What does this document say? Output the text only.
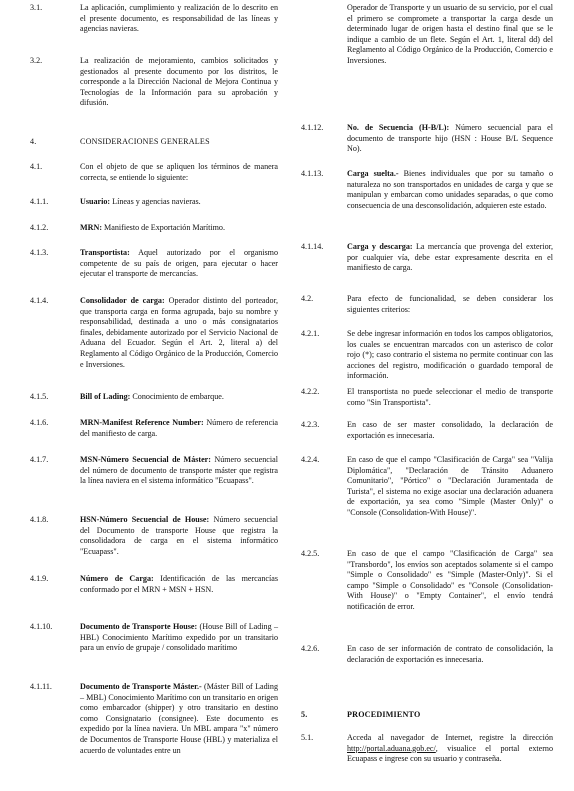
3.1.	La aplicación, cumplimiento y realización de lo descrito en el presente documento, es responsabilidad de las líneas y agencias navieras.
3.2.	La realización de mejoramiento, cambios solicitados y gestionados al presente documento por los distritos, le corresponde a la Dirección Nacional de Mejora Continua y Tecnologías de la Información para su aprobación y difusión.
4.	CONSIDERACIONES GENERALES
4.1.	Con el objeto de que se apliquen los términos de manera correcta, se entiende lo siguiente:
4.1.1.	Usuario: Líneas y agencias navieras.
4.1.2.	MRN: Manifiesto de Exportación Marítimo.
4.1.3.	Transportista: Aquel autorizado por el organismo competente de su país de origen, para ejecutar o hacer ejecutar el transporte de mercancías.
4.1.4.	Consolidador de carga: Operador distinto del porteador, que transporta carga en forma agrupada, bajo su nombre y responsabilidad, destinada a uno o más consignatarios finales, debidamente autorizado por el Servicio Nacional de Aduana del Ecuador. Según el Art. 2, literal a) del Reglamento al Código Orgánico de la Producción, Comercio e Inversiones.
4.1.5.	Bill of Lading: Conocimiento de embarque.
4.1.6.	MRN-Manifest Reference Number: Número de referencia del manifiesto de carga.
4.1.7.	MSN-Número Secuencial de Máster: Número secuencial del número de documento de transporte máster que registra la línea naviera en el sistema informático "Ecuapass".
4.1.8.	HSN-Número Secuencial de House: Número secuencial del Documento de transporte House que registra la consolidadora de carga en el sistema informático "Ecuapass".
4.1.9.	Número de Carga: Identificación de las mercancías conformado por el MRN + MSN + HSN.
4.1.10.	Documento de Transporte House: (House Bill of Lading – HBL) Conocimiento Marítimo expedido por un transitario para un envío de grupaje / consolidado marítimo
4.1.11.	Documento de Transporte Máster.- (Máster Bill of Lading – MBL) Conocimiento Marítimo con un transitario en origen como embarcador (shipper) y otro transitario en destino como Consignatario (consignee). Este documento es expedido por la línea naviera. Un MBL ampara "x" número de Documentos de Transporte House (HBL) y materializa el acuerdo de voluntades entre un
Operador de Transporte y un usuario de su servicio, por el cual el primero se compromete a transportar la carga desde un determinado lugar de origen hasta el destino final que se le indique a cambio de un flete. Según el Art. 1, literal dd) del Reglamento al Código Orgánico de la Producción, Comercio e Inversiones.
4.1.12.	No. de Secuencia (H-B/L): Número secuencial para el documento de transporte hijo (HSN : House B/L Sequence No).
4.1.13.	Carga suelta.- Bienes individuales que por su tamaño o naturaleza no son transportados en unidades de carga y que se manipulan y embarcan como unidades separadas, o que como consecuencia de una desconsolidación, adquieren este estado.
4.1.14.	Carga y descarga: La mercancía que provenga del exterior, por cualquier vía, debe estar expresamente descrita en el manifiesto de carga.
4.2.	Para efecto de funcionalidad, se deben considerar los siguientes criterios:
4.2.1.	Se debe ingresar información en todos los campos obligatorios, los cuales se encuentran marcados con un asterisco de color rojo (*); caso contrario el sistema no permite continuar con las acciones del registro, modificación o guardado temporal de información.
4.2.2.	El transportista no puede seleccionar el medio de transporte como "Sin Transportista".
4.2.3.	En caso de ser master consolidado, la declaración de exportación es innecesaria.
4.2.4.	En caso de que el campo "Clasificación de Carga" sea "Valija Diplomática", "Declaración de Tránsito Aduanero Comunitario", "Pórtico" o "Declaración Juramentada de Turista", el sistema no exige asociar una declaración aduanera de exportación, ya sea como "Simple (Master Only)" o "Console (Consolidation-With House)".
4.2.5.	En caso de que el campo "Clasificación de Carga" sea "Transbordo", los envíos son aceptados solamente si el campo "Simple o Consolidado" es "Simple (Master-Only)". Si el campo "Simple o Consolidado" es "Console (Consolidation-With House)" o "Empty Container", el envío tendrá notificación de error.
4.2.6.	En caso de ser información de contrato de consolidación, la declaración de exportación es innecesaria.
5.	PROCEDIMIENTO
5.1.	Acceda al navegador de Internet, registre la dirección http://portal.aduana.gob.ec/, visualice el portal externo Ecuapass e ingrese con su usuario y contraseña.
